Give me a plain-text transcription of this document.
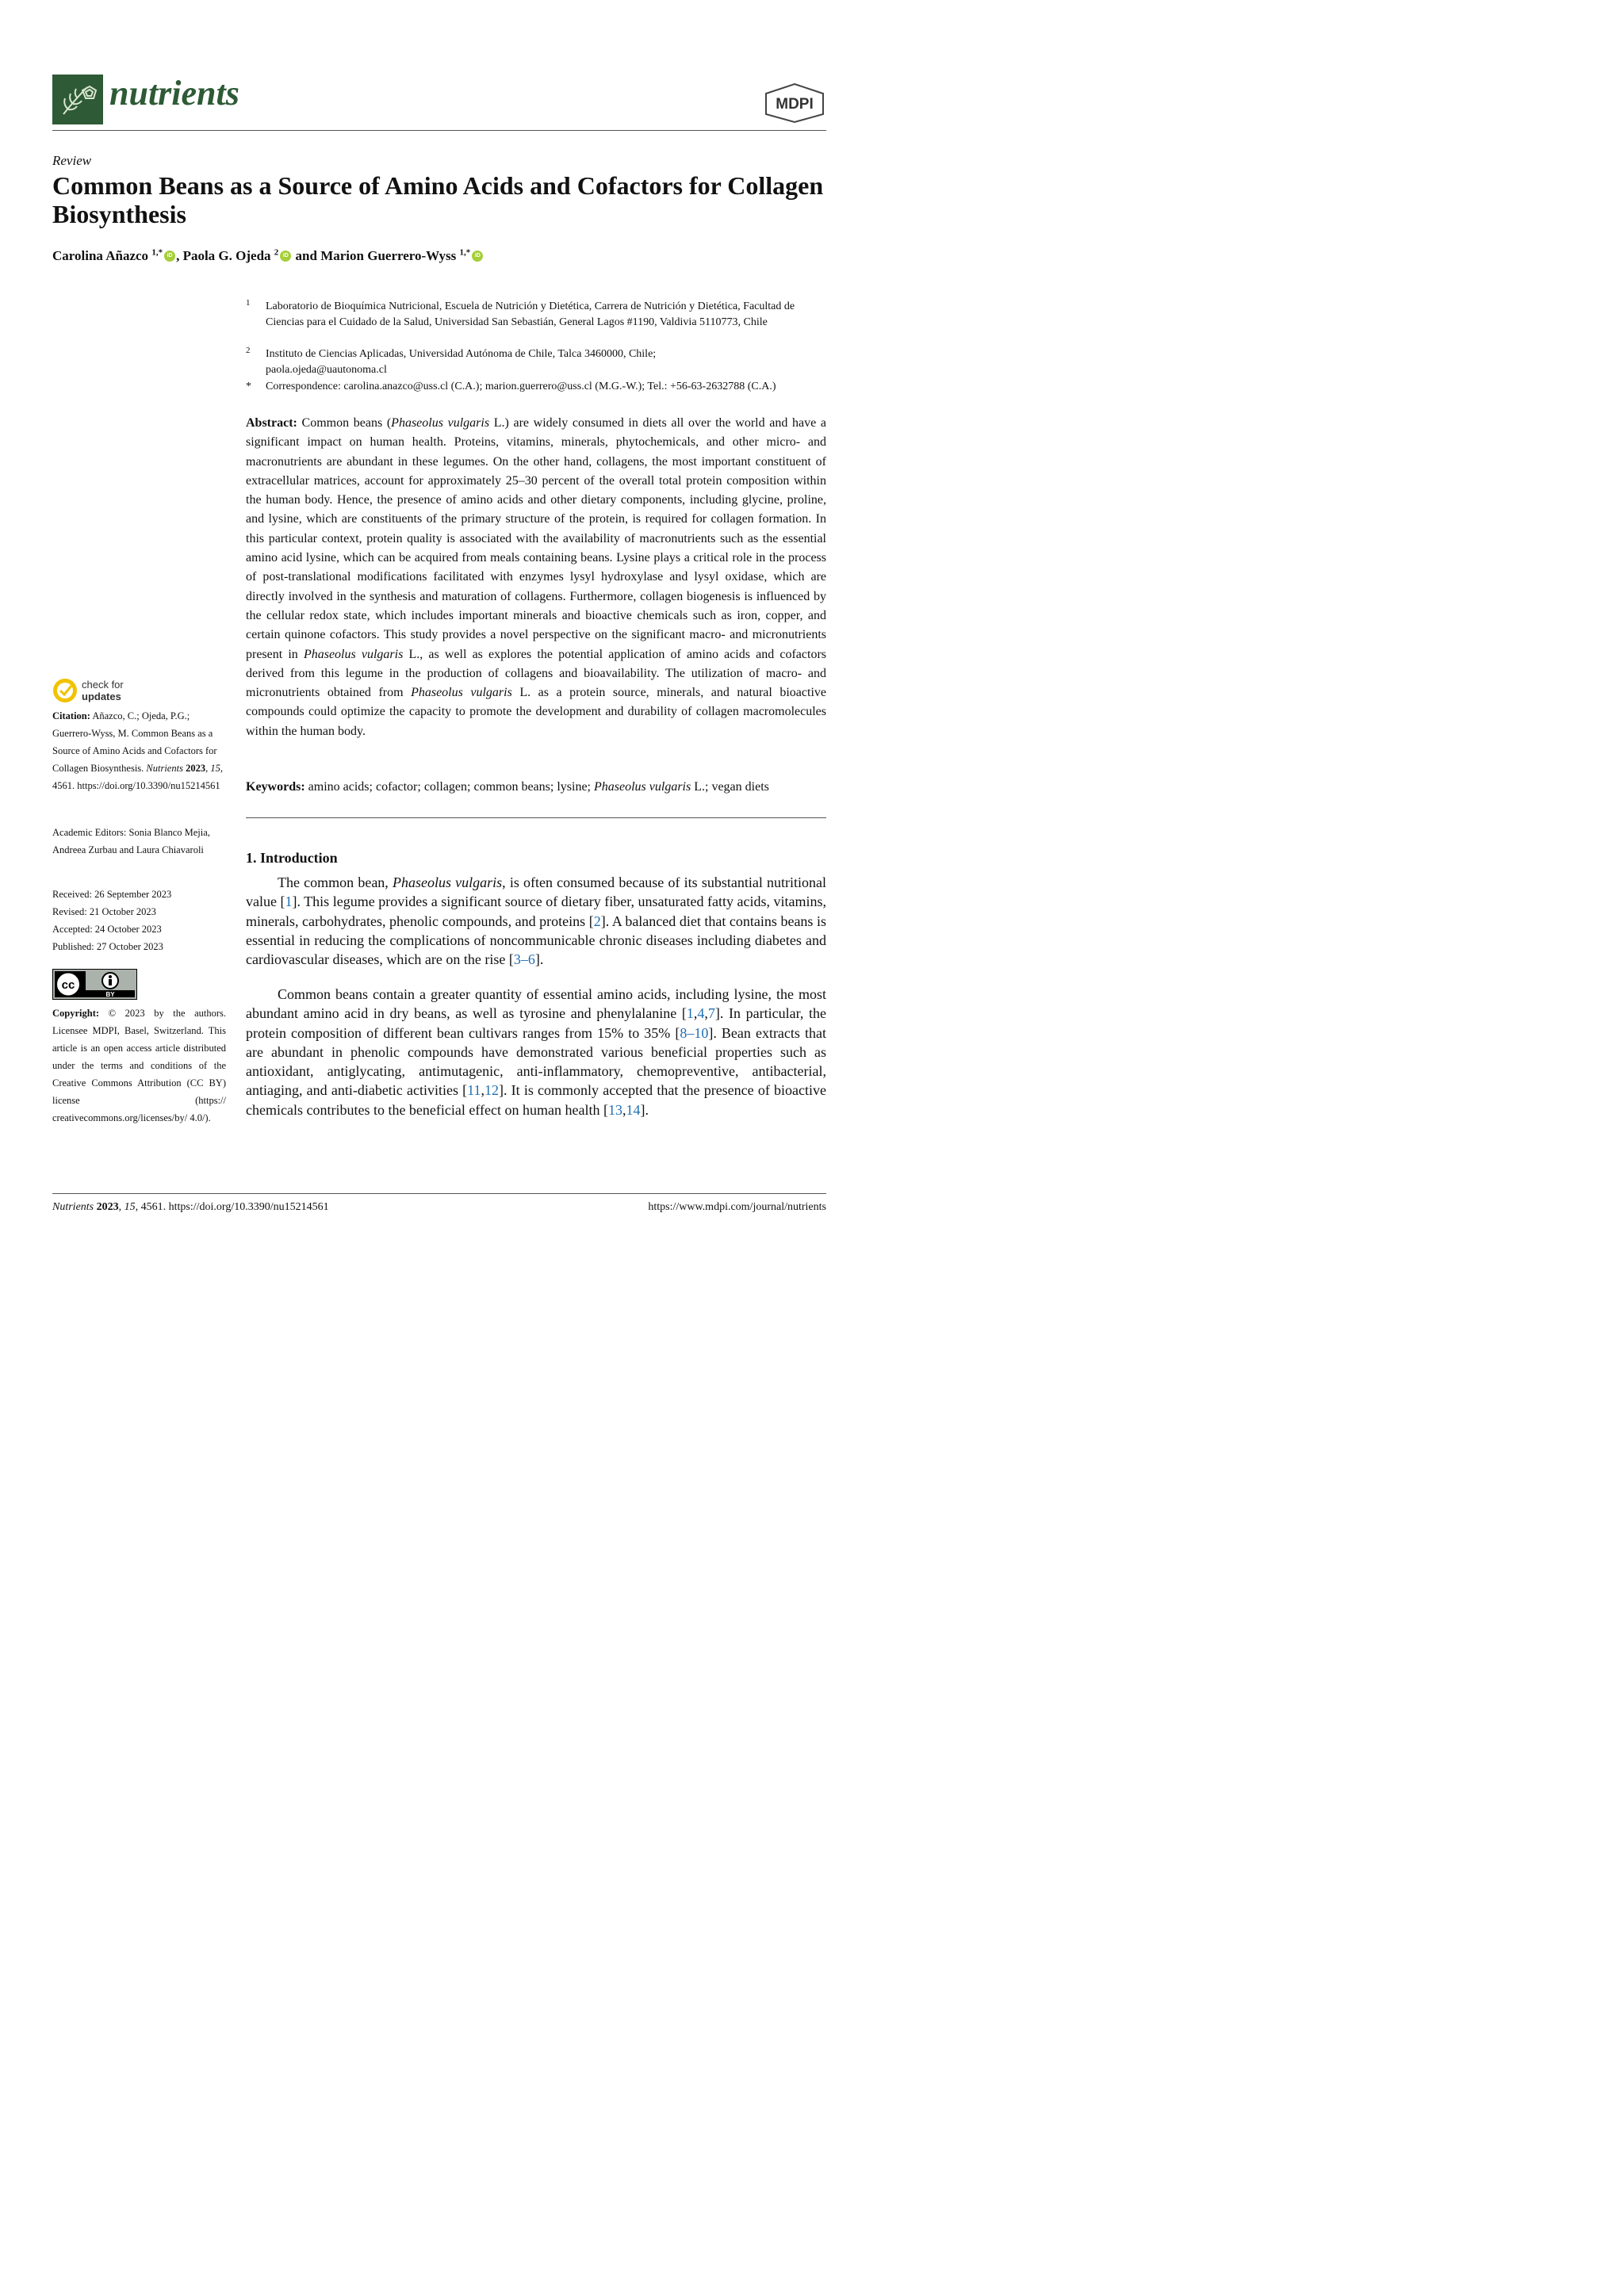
nutrients	MDPI
Review
Common Beans as a Source of Amino Acids and Cofactors for Collagen Biosynthesis
Carolina Añazco $^{1,*}$ iD , Paola G. Ojeda $^2$ iD and Marion Guerrero-Wyss $^{1,*}$ iD
1 Laboratorio de Bioquímica Nutricional, Escuela de Nutrición y Dietética, Carrera de Nutrición y Dietética, Facultad de Ciencias para el Cuidado de la Salud, Universidad San Sebastián, General Lagos #1190, Valdivia 5110773, Chile
2 Instituto de Ciencias Aplicadas, Universidad Autónoma de Chile, Talca 3460000, Chile; paola.ojeda@uautonoma.cl
* Correspondence: carolina.anazco@uss.cl (C.A.); marion.guerrero@uss.cl (M.G.-W.); Tel.: +56-63-2632788 (C.A.)
Abstract: Common beans (Phaseolus vulgaris L.) are widely consumed in diets all over the world and have a significant impact on human health. Proteins, vitamins, minerals, phytochemicals, and other micro- and macronutrients are abundant in these legumes. On the other hand, collagens, the most important constituent of extracellular matrices, account for approximately 25–30 percent of the overall total protein composition within the human body. Hence, the presence of amino acids and other dietary components, including glycine, proline, and lysine, which are constituents of the primary structure of the protein, is required for collagen formation. In this particular context, protein quality is associated with the availability of macronutrients such as the essential amino acid lysine, which can be acquired from meals containing beans. Lysine plays a critical role in the process of post-translational modifications facilitated with enzymes lysyl hydroxylase and lysyl oxidase, which are directly involved in the synthesis and maturation of collagens. Furthermore, collagen biogenesis is influenced by the cellular redox state, which includes important minerals and bioactive chemicals such as iron, copper, and certain quinone cofactors. This study provides a novel perspective on the significant macro- and micronutrients present in Phaseolus vulgaris L., as well as explores the potential application of amino acids and cofactors derived from this legume in the production of collagens and bioavailability. The utilization of macro- and micronutrients obtained from Phaseolus vulgaris L. as a protein source, minerals, and natural bioactive compounds could optimize the capacity to promote the development and durability of collagen macromolecules within the human body.
Keywords: amino acids; cofactor; collagen; common beans; lysine; Phaseolus vulgaris L.; vegan diets
check for
updates
Citation: Añazco, C.; Ojeda, P.G.; Guerrero-Wyss, M. Common Beans as a Source of Amino Acids and Cofactors for Collagen Biosynthesis. Nutrients 2023, 15, 4561. https://doi.org/10.3390/nu15214561
Academic Editors: Sonia Blanco Mejia, Andreea Zurbau and Laura Chiavaroli
Received: 26 September 2023
Revised: 21 October 2023
Accepted: 24 October 2023
Published: 27 October 2023
cc
BY
Copyright: © 2023 by the authors. Licensee MDPI, Basel, Switzerland. This article is an open access article distributed under the terms and conditions of the Creative Commons Attribution (CC BY) license (https:// creativecommons.org/licenses/by/ 4.0/).
1. Introduction
The common bean, Phaseolus vulgaris, is often consumed because of its substantial nutritional value [1]. This legume provides a significant source of dietary fiber, unsaturated fatty acids, vitamins, minerals, carbohydrates, phenolic compounds, and proteins [2]. A balanced diet that contains beans is essential in reducing the complications of noncommunicable chronic diseases including diabetes and cardiovascular diseases, which are on the rise [3–6].
Common beans contain a greater quantity of essential amino acids, including lysine, the most abundant amino acid in dry beans, as well as tyrosine and phenylalanine [1,4,7]. In particular, the protein composition of different bean cultivars ranges from 15% to 35% [8–10]. Bean extracts that are abundant in phenolic compounds have demonstrated various beneficial properties such as antioxidant, antiglycating, antimutagenic, anti-inflammatory, chemopreventive, antibacterial, antiaging, and anti-diabetic activities [11,12]. It is commonly accepted that the presence of bioactive chemicals contributes to the beneficial effect on human health [13,14].
Nutrients 2023, 15, 4561. https://doi.org/10.3390/nu15214561	https://www.mdpi.com/journal/nutrients
